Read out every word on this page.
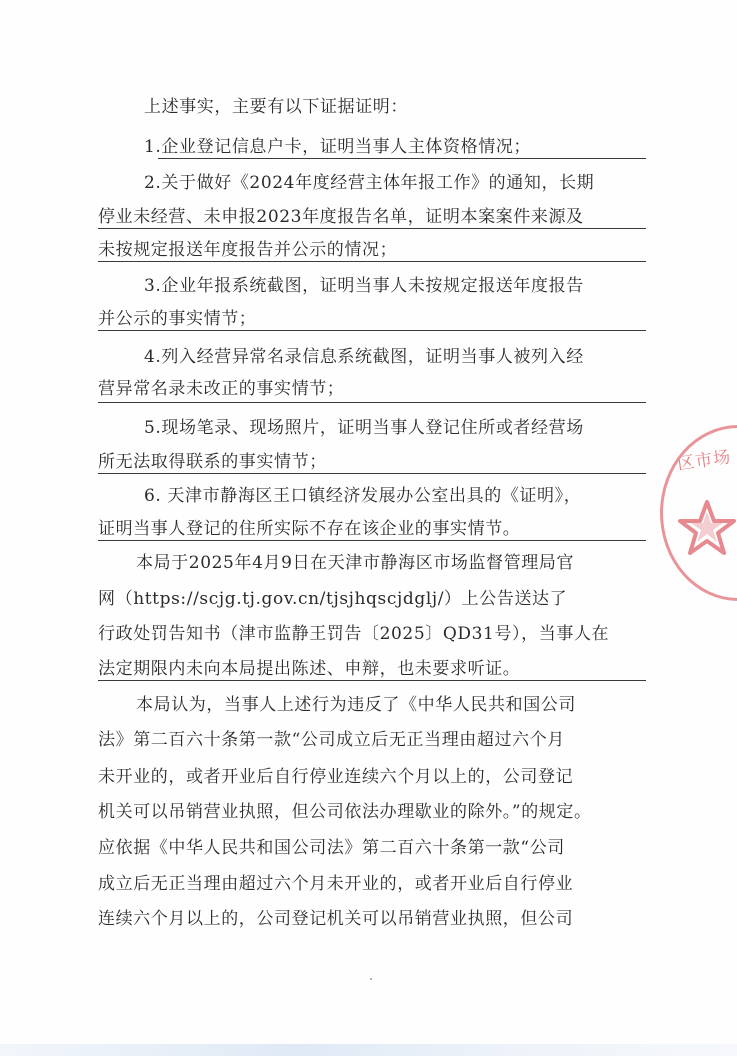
上述事实，主要有以下证据证明：
1.企业登记信息户卡，证明当事人主体资格情况；
2.关于做好《2024年度经营主体年报工作》的通知，长期
停业未经营、未申报2023年度报告名单，证明本案案件来源及
未按规定报送年度报告并公示的情况；
3.企业年报系统截图，证明当事人未按规定报送年度报告
并公示的事实情节；
4.列入经营异常名录信息系统截图，证明当事人被列入经
营异常名录未改正的事实情节；
5.现场笔录、现场照片，证明当事人登记住所或者经营场
所无法取得联系的事实情节；
6. 天津市静海区王口镇经济发展办公室出具的《证明》，
证明当事人登记的住所实际不存在该企业的事实情节。
本局于2025年4月9日在天津市静海区市场监督管理局官
网（https://scjg.tj.gov.cn/tjsjhqscjdglj/）上公告送达了
行政处罚告知书（津市监静王罚告〔2025〕QD31号），当事人在
法定期限内未向本局提出陈述、申辩，也未要求听证。
本局认为，当事人上述行为违反了《中华人民共和国公司
法》第二百六十条第一款“公司成立后无正当理由超过六个月
未开业的，或者开业后自行停业连续六个月以上的，公司登记
机关可以吊销营业执照，但公司依法办理歇业的除外。”的规定。
应依据《中华人民共和国公司法》第二百六十条第一款“公司
成立后无正当理由超过六个月未开业的，或者开业后自行停业
连续六个月以上的，公司登记机关可以吊销营业执照，但公司
区市场
